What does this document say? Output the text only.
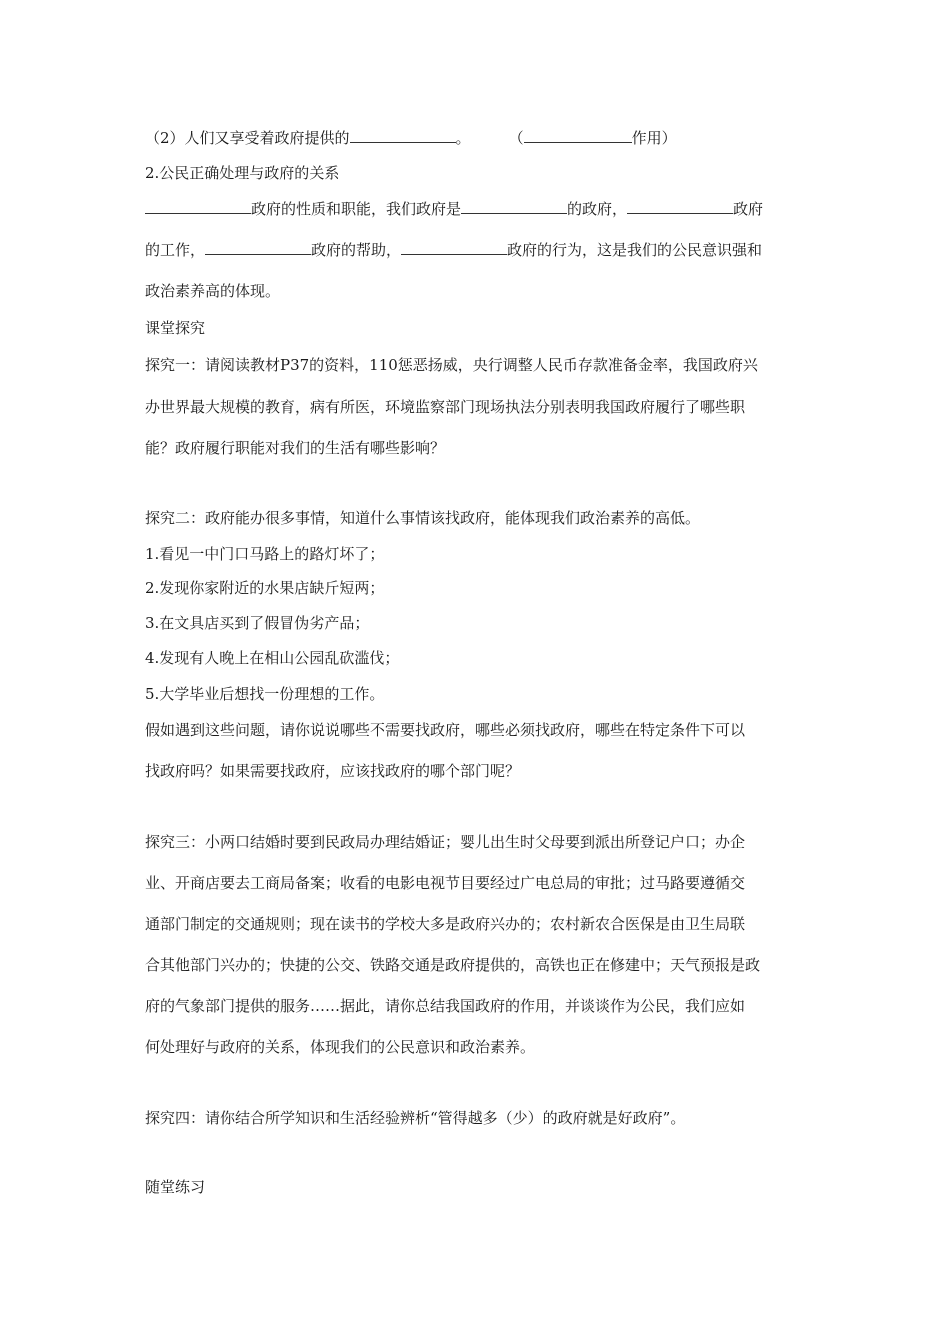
（2）人们又享受着政府提供的	。	（	作用）
2.公民正确处理与政府的关系
政府的性质和职能，我们政府是	的政府，	政府
的工作，	政府的帮助，	政府的行为，这是我们的公民意识强和
政治素养高的体现。
课堂探究
探究一：请阅读教材P37的资料，110惩恶扬威，央行调整人民币存款准备金率，我国政府兴
办世界最大规模的教育，病有所医，环境监察部门现场执法分别表明我国政府履行了哪些职
能？政府履行职能对我们的生活有哪些影响？
探究二：政府能办很多事情，知道什么事情该找政府，能体现我们政治素养的高低。
1.看见一中门口马路上的路灯坏了；
2.发现你家附近的水果店缺斤短两；
3.在文具店买到了假冒伪劣产品；
4.发现有人晚上在相山公园乱砍滥伐；
5.大学毕业后想找一份理想的工作。
假如遇到这些问题，请你说说哪些不需要找政府，哪些必须找政府，哪些在特定条件下可以
找政府吗？如果需要找政府，应该找政府的哪个部门呢？
探究三：小两口结婚时要到民政局办理结婚证；婴儿出生时父母要到派出所登记户口；办企
业、开商店要去工商局备案；收看的电影电视节目要经过广电总局的审批；过马路要遵循交
通部门制定的交通规则；现在读书的学校大多是政府兴办的；农村新农合医保是由卫生局联
合其他部门兴办的；快捷的公交、铁路交通是政府提供的，高铁也正在修建中；天气预报是政
府的气象部门提供的服务……据此，请你总结我国政府的作用，并谈谈作为公民，我们应如
何处理好与政府的关系，体现我们的公民意识和政治素养。
探究四：请你结合所学知识和生活经验辨析“管得越多（少）的政府就是好政府”。
随堂练习
